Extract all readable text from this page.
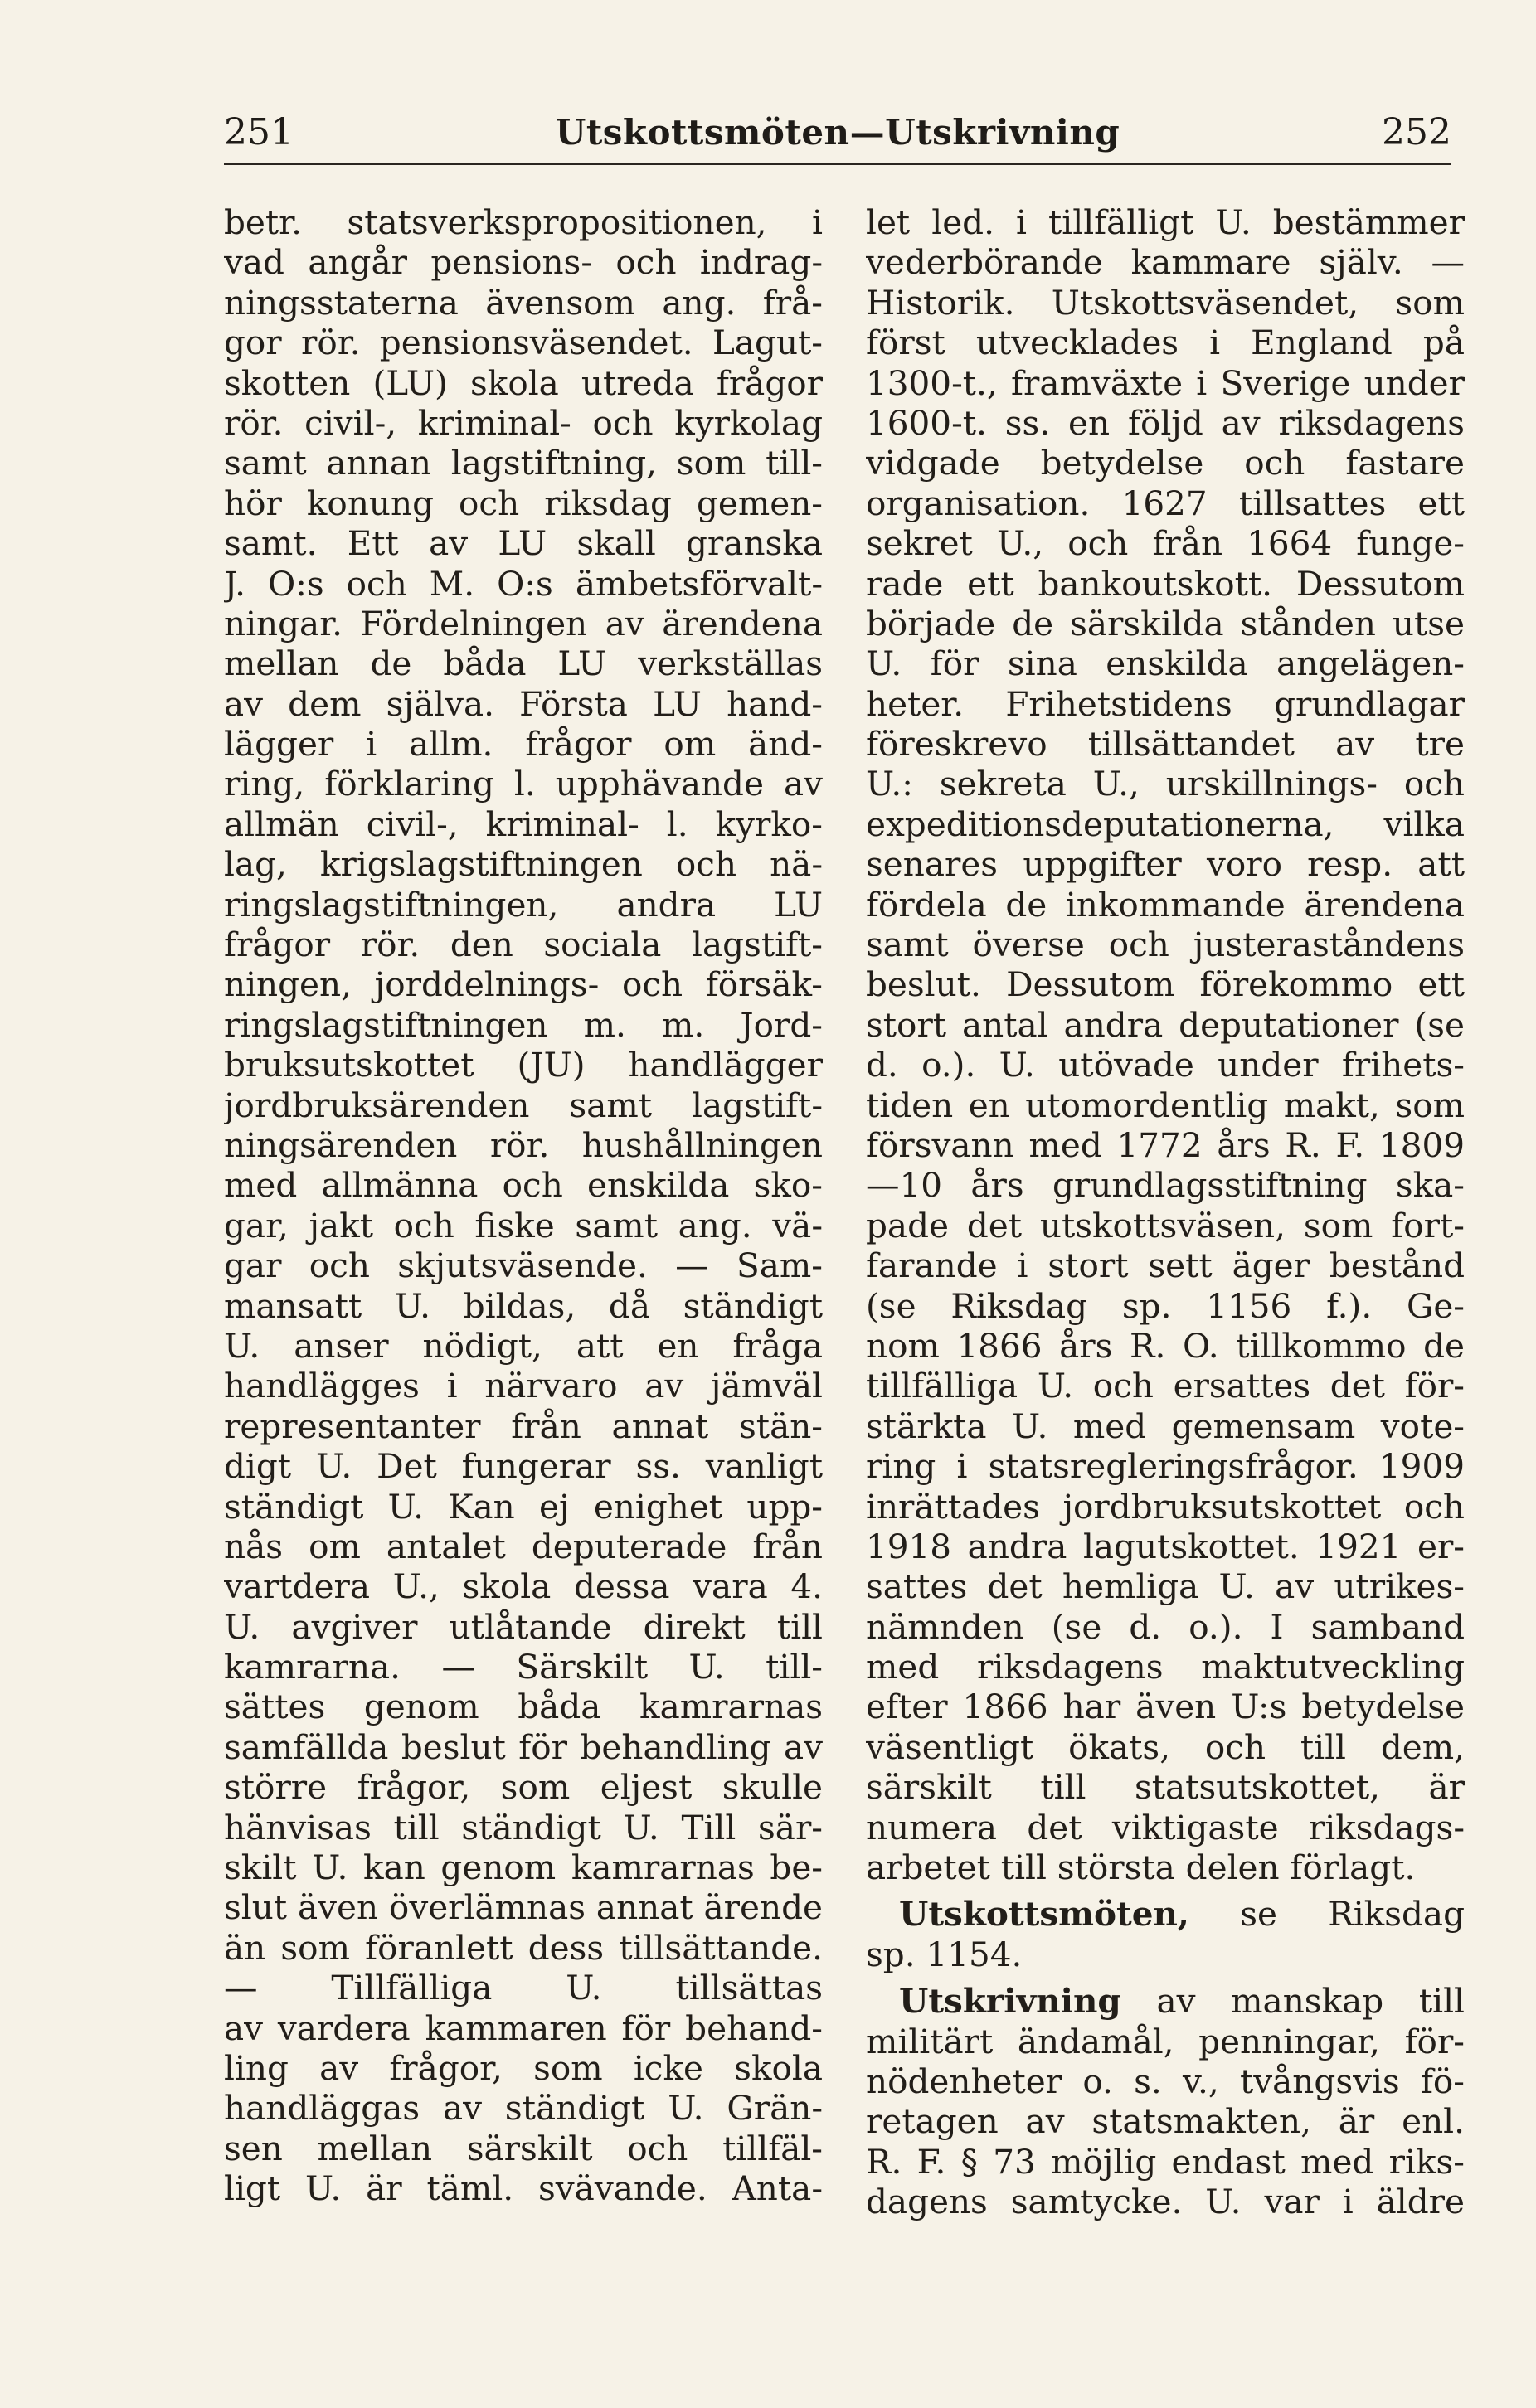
251	Utskottsmöten—Utskrivning	252
betr. statsverkspropositionen, i
vad angår pensions- och indrag-
ningsstaterna ävensom ang. frå-
gor rör. pensionsväsendet. Lagut-
skotten (LU) skola utreda frågor
rör. civil-, kriminal- och kyrkolag
samt annan lagstiftning, som till-
hör konung och riksdag gemen-
samt. Ett av LU skall granska
J. O:s och M. O:s ämbetsförvalt-
ningar. Fördelningen av ärendena
mellan de båda LU verkställas
av dem själva. Första LU hand-
lägger i allm. frågor om änd-
ring, förklaring l. upphävande av
allmän civil-, kriminal- l. kyrko-
lag, krigslagstiftningen och nä-
ringslagstiftningen, andra LU
frågor rör. den sociala lagstift-
ningen, jorddelnings- och försäk-
ringslagstiftningen m. m. Jord-
bruksutskottet (JU) handlägger
jordbruksärenden samt lagstift-
ningsärenden rör. hushållningen
med allmänna och enskilda sko-
gar, jakt och fiske samt ang. vä-
gar och skjutsväsende. — Sam-
mansatt U. bildas, då ständigt
U. anser nödigt, att en fråga
handlägges i närvaro av jämväl
representanter från annat stän-
digt U. Det fungerar ss. vanligt
ständigt U. Kan ej enighet upp-
nås om antalet deputerade från
vartdera U., skola dessa vara 4.
U. avgiver utlåtande direkt till
kamrarna. — Särskilt U. till-
sättes genom båda kamrarnas
samfällda beslut för behandling av
större frågor, som eljest skulle
hänvisas till ständigt U. Till sär-
skilt U. kan genom kamrarnas be-
slut även överlämnas annat ärende
än som föranlett dess tillsättande.
— Tillfälliga U. tillsättas
av vardera kammaren för behand-
ling av frågor, som icke skola
handläggas av ständigt U. Grän-
sen mellan särskilt och tillfäl-
ligt U. är täml. svävande. Anta-
let led. i tillfälligt U. bestämmer
vederbörande kammare själv. —
Historik. Utskottsväsendet, som
först utvecklades i England på
1300-t., framväxte i Sverige under
1600-t. ss. en följd av riksdagens
vidgade betydelse och fastare
organisation. 1627 tillsattes ett
sekret U., och från 1664 funge-
rade ett bankoutskott. Dessutom
började de särskilda stånden utse
U. för sina enskilda angelägen-
heter. Frihetstidens grundlagar
föreskrevo tillsättandet av tre
U.: sekreta U., urskillnings- och
expeditionsdeputationerna, vilka
senares uppgifter voro resp. att
fördela de inkommande ärendena
samt överse och justeraståndens
beslut. Dessutom förekommo ett
stort antal andra deputationer (se
d. o.). U. utövade under frihets-
tiden en utomordentlig makt, som
försvann med 1772 års R. F. 1809
—10 års grundlagsstiftning ska-
pade det utskottsväsen, som fort-
farande i stort sett äger bestånd
(se Riksdag sp. 1156 f.). Ge-
nom 1866 års R. O. tillkommo de
tillfälliga U. och ersattes det för-
stärkta U. med gemensam vote-
ring i statsregleringsfrågor. 1909
inrättades jordbruksutskottet och
1918 andra lagutskottet. 1921 er-
sattes det hemliga U. av utrikes-
nämnden (se d. o.). I samband
med riksdagens maktutveckling
efter 1866 har även U:s betydelse
väsentligt ökats, och till dem,
särskilt till statsutskottet, är
numera det viktigaste riksdags-
arbetet till största delen förlagt.
Utskottsmöten, se Riksdag
sp. 1154.
Utskrivning av manskap till
militärt ändamål, penningar, för-
nödenheter o. s. v., tvångsvis fö-
retagen av statsmakten, är enl.
R. F. § 73 möjlig endast med riks-
dagens samtycke. U. var i äldre
